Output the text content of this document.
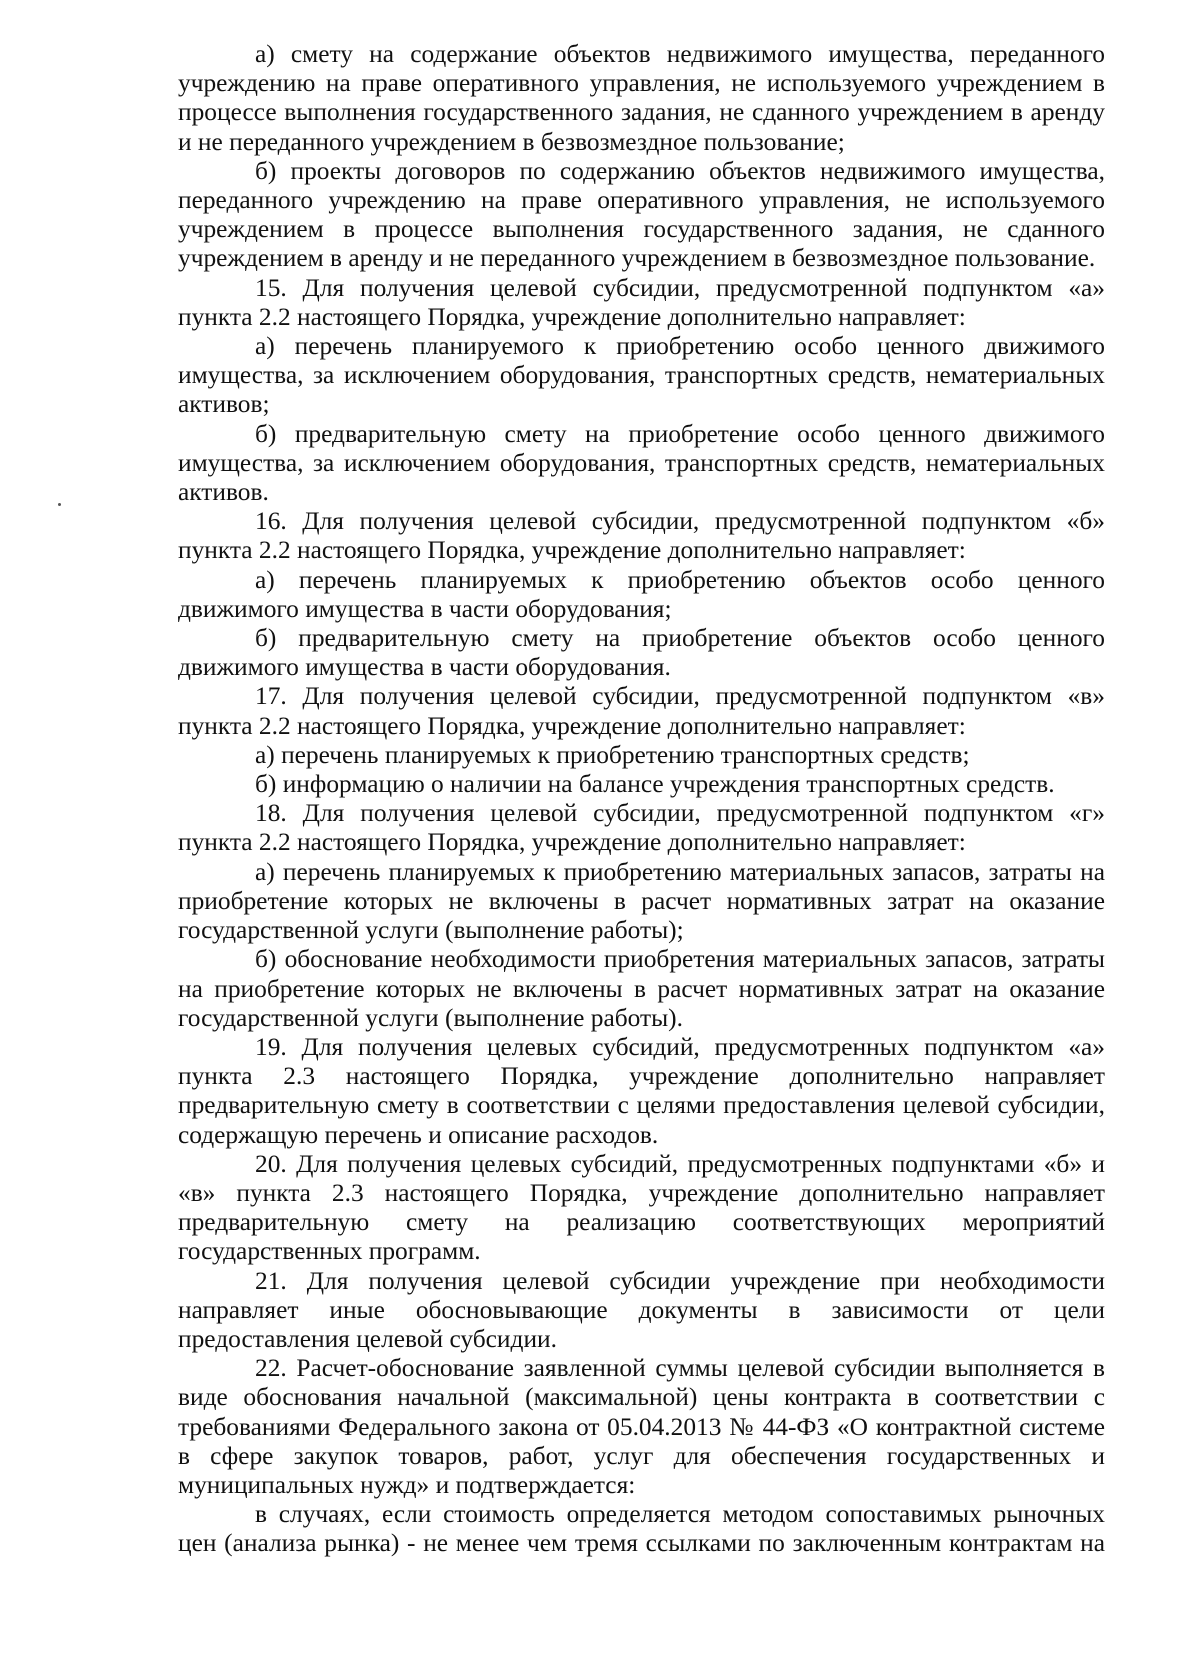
а) смету на содержание объектов недвижимого имущества, переданного учреждению на праве оперативного управления, не используемого учреждением в процессе выполнения государственного задания, не сданного учреждением в аренду и не переданного учреждением в безвозмездное пользование;

б) проекты договоров по содержанию объектов недвижимого имущества, переданного учреждению на праве оперативного управления, не используемого учреждением в процессе выполнения государственного задания, не сданного учреждением в аренду и не переданного учреждением в безвозмездное пользование.

15. Для получения целевой субсидии, предусмотренной подпунктом «а» пункта 2.2 настоящего Порядка, учреждение дополнительно направляет:

а) перечень планируемого к приобретению особо ценного движимого имущества, за исключением оборудования, транспортных средств, нематериальных активов;

б) предварительную смету на приобретение особо ценного движимого имущества, за исключением оборудования, транспортных средств, нематериальных активов.

16. Для получения целевой субсидии, предусмотренной подпунктом «б» пункта 2.2 настоящего Порядка, учреждение дополнительно направляет:

а) перечень планируемых к приобретению объектов особо ценного движимого имущества в части оборудования;

б) предварительную смету на приобретение объектов особо ценного движимого имущества в части оборудования.

17. Для получения целевой субсидии, предусмотренной подпунктом «в» пункта 2.2 настоящего Порядка, учреждение дополнительно направляет:

а) перечень планируемых к приобретению транспортных средств;

б) информацию о наличии на балансе учреждения транспортных средств.

18. Для получения целевой субсидии, предусмотренной подпунктом «г» пункта 2.2 настоящего Порядка, учреждение дополнительно направляет:

а) перечень планируемых к приобретению материальных запасов, затраты на приобретение которых не включены в расчет нормативных затрат на оказание государственной услуги (выполнение работы);

б) обоснование необходимости приобретения материальных запасов, затраты на приобретение которых не включены в расчет нормативных затрат на оказание государственной услуги (выполнение работы).

19. Для получения целевых субсидий, предусмотренных подпунктом «а» пункта 2.3 настоящего Порядка, учреждение дополнительно направляет предварительную смету в соответствии с целями предоставления целевой субсидии, содержащую перечень и описание расходов.

20. Для получения целевых субсидий, предусмотренных подпунктами «б» и «в» пункта 2.3 настоящего Порядка, учреждение дополнительно направляет предварительную смету на реализацию соответствующих мероприятий государственных программ.

21. Для получения целевой субсидии учреждение при необходимости направляет иные обосновывающие документы в зависимости от цели предоставления целевой субсидии.

22. Расчет-обоснование заявленной суммы целевой субсидии выполняется в виде обоснования начальной (максимальной) цены контракта в соответствии с требованиями Федерального закона от 05.04.2013 № 44-ФЗ «О контрактной системе в сфере закупок товаров, работ, услуг для обеспечения государственных и муниципальных нужд» и подтверждается:

в случаях, если стоимость определяется методом сопоставимых рыночных цен (анализа рынка) - не менее чем тремя ссылками по заключенным контрактам на
